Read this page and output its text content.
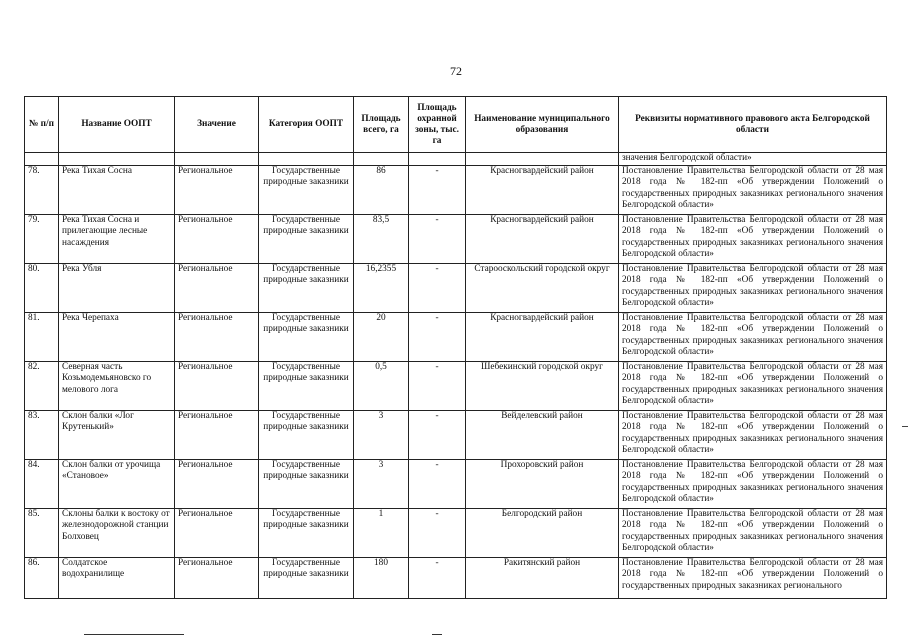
72
№ п/п	Название ООПТ	Значение	Категория ООПТ	Площадь всего, га	Площадь охранной зоны, тыс. га	Наименование муниципального образования	Реквизиты нормативного правового акта Белгородской области
							значения Белгородской области»
78.	Река Тихая Сосна	Региональное	Государственные природные заказники	86	-	Красногвардейский район	Постановление Правительства Белгородской области от 28 мая 2018 года № 182-пп «Об утверждении Положений о государственных природных заказниках регионального значения Белгородской области»
79.	Река Тихая Сосна и прилегающие лесные насаждения	Региональное	Государственные природные заказники	83,5	-	Красногвардейский район	Постановление Правительства Белгородской области от 28 мая 2018 года № 182-пп «Об утверждении Положений о государственных природных заказниках регионального значения Белгородской области»
80.	Река Убля	Региональное	Государственные природные заказники	16,2355	-	Старооскольский городской округ	Постановление Правительства Белгородской области от 28 мая 2018 года № 182-пп «Об утверждении Положений о государственных природных заказниках регионального значения Белгородской области»
81.	Река Черепаха	Региональное	Государственные природные заказники	20	-	Красногвардейский район	Постановление Правительства Белгородской области от 28 мая 2018 года № 182-пп «Об утверждении Положений о государственных природных заказниках регионального значения Белгородской области»
82.	Северная часть Козьмодемьяновско го мелового лога	Региональное	Государственные природные заказники	0,5	-	Шебекинский городской округ	Постановление Правительства Белгородской области от 28 мая 2018 года № 182-пп «Об утверждении Положений о государственных природных заказниках регионального значения Белгородской области»
83.	Склон балки «Лог Крутенький»	Региональное	Государственные природные заказники	3	-	Вейделевский район	Постановление Правительства Белгородской области от 28 мая 2018 года № 182-пп «Об утверждении Положений о государственных природных заказниках регионального значения Белгородской области»
84.	Склон балки от урочища «Становое»	Региональное	Государственные природные заказники	3	-	Прохоровский район	Постановление Правительства Белгородской области от 28 мая 2018 года № 182-пп «Об утверждении Положений о государственных природных заказниках регионального значения Белгородской области»
85.	Склоны балки к востоку от железнодорожной станции Болховец	Региональное	Государственные природные заказники	1	-	Белгородский район	Постановление Правительства Белгородской области от 28 мая 2018 года № 182-пп «Об утверждении Положений о государственных природных заказниках регионального значения Белгородской области»
86.	Солдатское водохранилище	Региональное	Государственные природные заказники	180	-	Ракитянский район	Постановление Правительства Белгородской области от 28 мая 2018 года № 182-пп «Об утверждении Положений о государственных природных заказниках регионального
